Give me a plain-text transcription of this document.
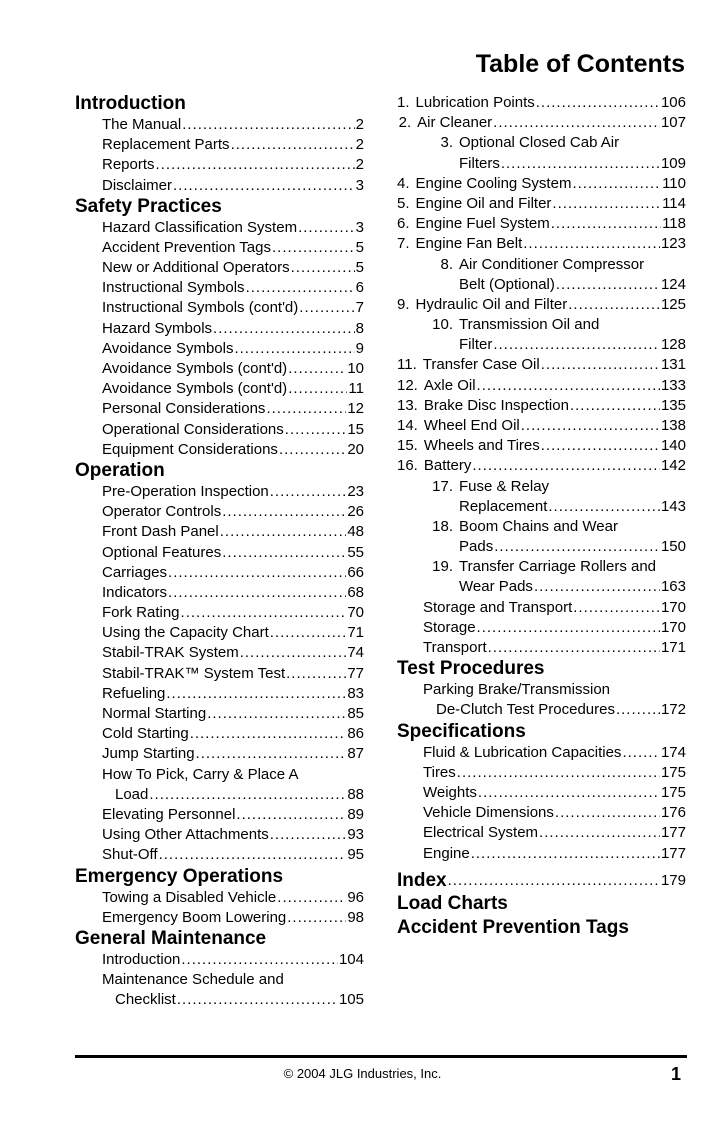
Table of Contents
Introduction
The Manual .....	2
Replacement Parts .....	2
Reports .....	2
Disclaimer .....	3
Safety Practices
Hazard Classification System .....	3
Accident Prevention Tags .....	5
New or Additional Operators .....	5
Instructional Symbols .....	6
Instructional Symbols (cont'd) .....	7
Hazard Symbols .....	8
Avoidance Symbols .....	9
Avoidance Symbols (cont'd) .....	10
Avoidance Symbols (cont'd) .....	11
Personal Considerations .....	12
Operational Considerations .....	15
Equipment Considerations .....	20
Operation
Pre-Operation Inspection .....	23
Operator Controls .....	26
Front Dash Panel .....	48
Optional Features .....	55
Carriages .....	66
Indicators .....	68
Fork Rating .....	70
Using the Capacity Chart .....	71
Stabil-TRAK System .....	74
Stabil-TRAK™ System Test .....	77
Refueling .....	83
Normal Starting .....	85
Cold Starting .....	86
Jump Starting .....	87
How To Pick, Carry & Place A
Load .....	88
Elevating Personnel .....	89
Using Other Attachments .....	93
Shut-Off .....	95
Emergency Operations
Towing a Disabled Vehicle .....	96
Emergency Boom Lowering .....	98
General Maintenance
Introduction .....	104
Maintenance Schedule and
Checklist .....	105
1. Lubrication Points .....	106
2. Air Cleaner .....	107
3. Optional Closed Cab Air
Filters .....	109
4. Engine Cooling System .....	110
5. Engine Oil and Filter .....	114
6. Engine Fuel System .....	118
7. Engine Fan Belt .....	123
8. Air Conditioner Compressor
Belt (Optional) .....	124
9. Hydraulic Oil and Filter .....	125
10. Transmission Oil and
Filter .....	128
11. Transfer Case Oil .....	131
12. Axle Oil .....	133
13. Brake Disc Inspection .....	135
14. Wheel End Oil .....	138
15. Wheels and Tires .....	140
16. Battery .....	142
17. Fuse & Relay
Replacement .....	143
18. Boom Chains and Wear
Pads .....	150
19. Transfer Carriage Rollers and
Wear Pads .....	163
Storage and Transport .....	170
Storage .....	170
Transport .....	171
Test Procedures
Parking Brake/Transmission
De-Clutch Test Procedures .....	172
Specifications
Fluid & Lubrication Capacities .....	174
Tires .....	175
Weights .....	175
Vehicle Dimensions .....	176
Electrical System .....	177
Engine .....	177
Index .....	179
Load Charts
Accident Prevention Tags
© 2004 JLG Industries, Inc.	1
